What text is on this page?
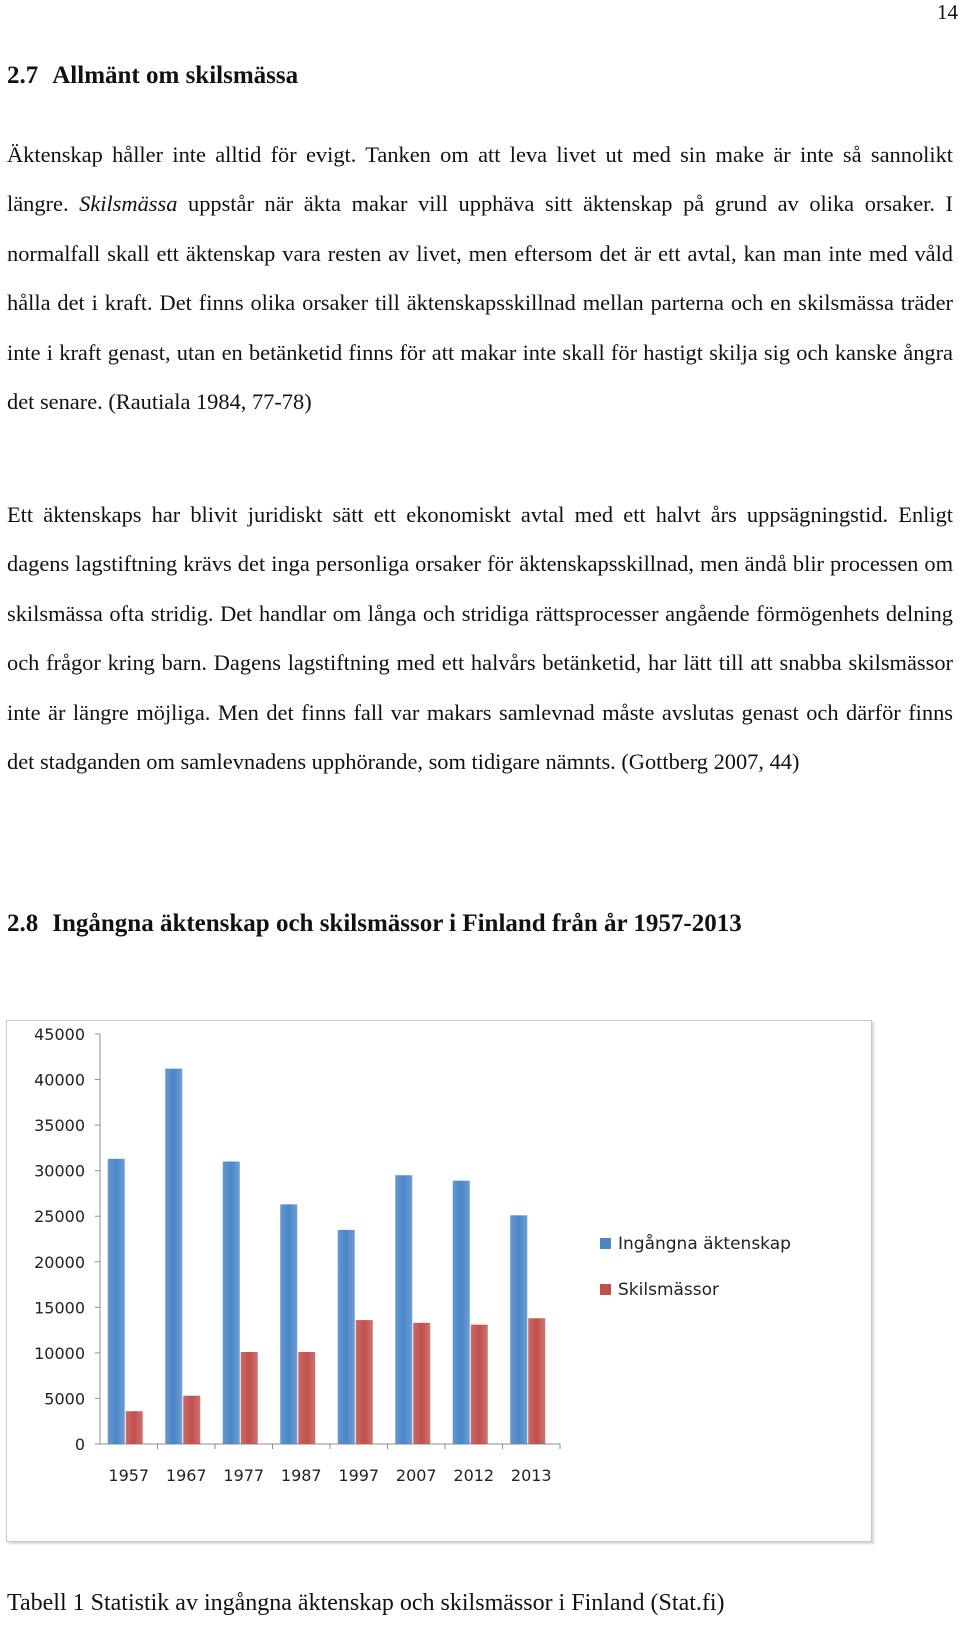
14
2.7 Allmänt om skilsmässa

Äktenskap håller inte alltid för evigt. Tanken om att leva livet ut med sin make är inte så sannolikt längre. Skilsmässa uppstår när äkta makar vill upphäva sitt äktenskap på grund av olika orsaker. I normalfall skall ett äktenskap vara resten av livet, men eftersom det är ett avtal, kan man inte med våld hålla det i kraft. Det finns olika orsaker till äktenskapsskillnad mellan parterna och en skilsmässa träder inte i kraft genast, utan en betänketid finns för att makar inte skall för hastigt skilja sig och kanske ångra det senare. (Rautiala 1984, 77-78)

Ett äktenskaps har blivit juridiskt sätt ett ekonomiskt avtal med ett halvt års uppsägningstid. Enligt dagens lagstiftning krävs det inga personliga orsaker för äktenskapsskillnad, men ändå blir processen om skilsmässa ofta stridig. Det handlar om långa och stridiga rättsprocesser angående förmögenhets delning och frågor kring barn. Dagens lagstiftning med ett halvårs betänketid, har lätt till att snabba skilsmässor inte är längre möjliga. Men det finns fall var makars samlevnad måste avslutas genast och därför finns det stadganden om samlevnadens upphörande, som tidigare nämnts. (Gottberg 2007, 44)

2.8 Ingångna äktenskap och skilsmässor i Finland från år 1957-2013
0
5000
10000
15000
20000
25000
30000
35000
40000
45000
1957 1967 1977 1987 1997 2007 2012 2013
Ingångna äktenskap
Skilsmässor

Tabell 1 Statistik av ingångna äktenskap och skilsmässor i Finland (Stat.fi)
